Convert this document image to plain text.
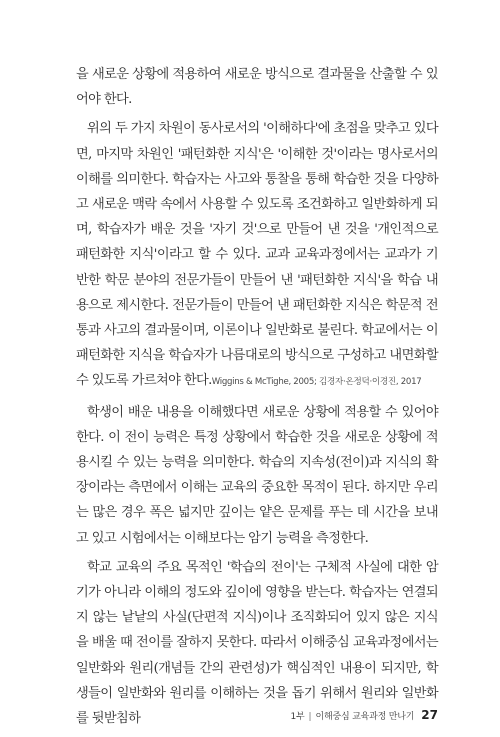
을 새로운 상황에 적용하여 새로운 방식으로 결과물을 산출할 수 있어야 한다.

위의 두 가지 차원이 동사로서의 '이해하다'에 초점을 맞추고 있다면, 마지막 차원인 '패턴화한 지식'은 '이해한 것'이라는 명사로서의 이해를 의미한다. 학습자는 사고와 통찰을 통해 학습한 것을 다양하고 새로운 맥락 속에서 사용할 수 있도록 조건화하고 일반화하게 되며, 학습자가 배운 것을 '자기 것'으로 만들어 낸 것을 '개인적으로 패턴화한 지식'이라고 할 수 있다. 교과 교육과정에서는 교과가 기반한 학문 분야의 전문가들이 만들어 낸 '패턴화한 지식'을 학습 내용으로 제시한다. 전문가들이 만들어 낸 패턴화한 지식은 학문적 전통과 사고의 결과물이며, 이론이나 일반화로 불린다. 학교에서는 이 패턴화한 지식을 학습자가 나름대로의 방식으로 구성하고 내면화할 수 있도록 가르쳐야 한다.Wiggins & McTighe, 2005; 김경자·온정덕·이경진, 2017

학생이 배운 내용을 이해했다면 새로운 상황에 적용할 수 있어야 한다. 이 전이 능력은 특정 상황에서 학습한 것을 새로운 상황에 적용시킬 수 있는 능력을 의미한다. 학습의 지속성(전이)과 지식의 확장이라는 측면에서 이해는 교육의 중요한 목적이 된다. 하지만 우리는 많은 경우 폭은 넓지만 깊이는 얕은 문제를 푸는 데 시간을 보내고 있고 시험에서는 이해보다는 암기 능력을 측정한다.

학교 교육의 주요 목적인 '학습의 전이'는 구체적 사실에 대한 암기가 아니라 이해의 정도와 깊이에 영향을 받는다. 학습자는 연결되지 않는 낱낱의 사실(단편적 지식)이나 조직화되어 있지 않은 지식을 배울 때 전이를 잘하지 못한다. 따라서 이해중심 교육과정에서는 일반화와 원리(개념들 간의 관련성)가 핵심적인 내용이 되지만, 학생들이 일반화와 원리를 이해하는 것을 돕기 위해서 원리와 일반화를 뒷받침하	1부 | 이해중심 교육과정 만나기 27
